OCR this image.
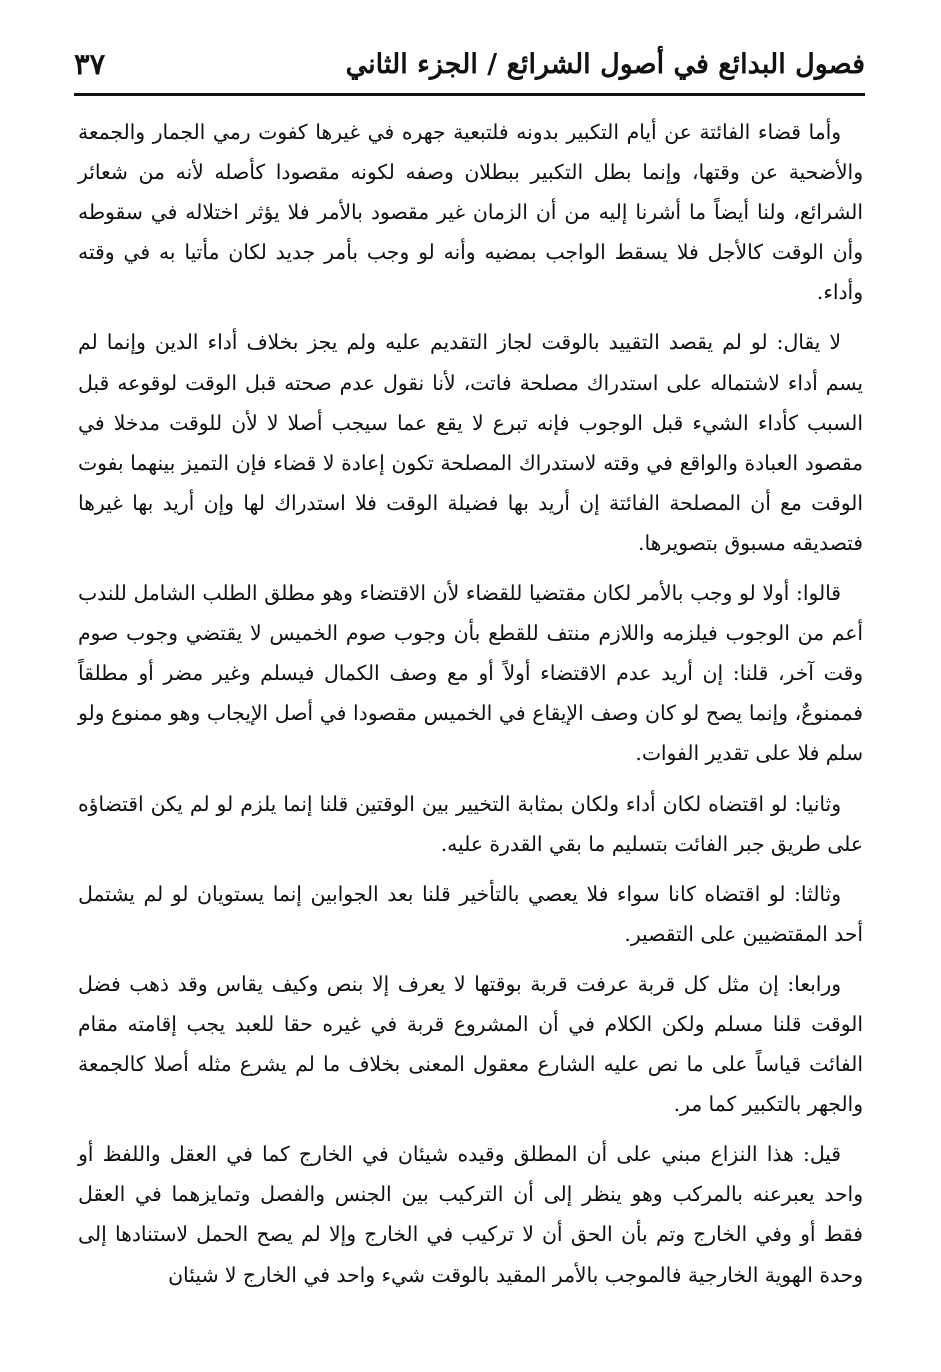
٣٧	فصول البدائع في أصول الشرائع / الجزء الثاني

وأما قضاء الفائتة عن أيام التكبير بدونه فلتبعية جهره في غيرها كفوت رمي الجمار والجمعة والأضحية عن وقتها، وإنما بطل التكبير ببطلان وصفه لكونه مقصودا كأصله لأنه من شعائر الشرائع، ولنا أيضاً ما أشرنا إليه من أن الزمان غير مقصود بالأمر فلا يؤثر اختلاله في سقوطه وأن الوقت كالأجل فلا يسقط الواجب بمضيه وأنه لو وجب بأمر جديد لكان مأتيا به في وقته وأداء.

لا يقال: لو لم يقصد التقييد بالوقت لجاز التقديم عليه ولم يجز بخلاف أداء الدين وإنما لم يسم أداء لاشتماله على استدراك مصلحة فاتت، لأنا نقول عدم صحته قبل الوقت لوقوعه قبل السبب كأداء الشيء قبل الوجوب فإنه تبرع لا يقع عما سيجب أصلا لا لأن للوقت مدخلا في مقصود العبادة والواقع في وقته لاستدراك المصلحة تكون إعادة لا قضاء فإن التميز بينهما بفوت الوقت مع أن المصلحة الفائتة إن أريد بها فضيلة الوقت فلا استدراك لها وإن أريد بها غيرها فتصديقه مسبوق بتصويرها.

قالوا: أولا لو وجب بالأمر لكان مقتضيا للقضاء لأن الاقتضاء وهو مطلق الطلب الشامل للندب أعم من الوجوب فيلزمه واللازم منتف للقطع بأن وجوب صوم الخميس لا يقتضي وجوب صوم وقت آخر، قلنا: إن أريد عدم الاقتضاء أولاً أو مع وصف الكمال فيسلم وغير مضر أو مطلقاً فممنوعٌ، وإنما يصح لو كان وصف الإيقاع في الخميس مقصودا في أصل الإيجاب وهو ممنوع ولو سلم فلا على تقدير الفوات.

وثانيا: لو اقتضاه لكان أداء ولكان بمثابة التخيير بين الوقتين قلنا إنما يلزم لو لم يكن اقتضاؤه على طريق جبر الفائت بتسليم ما بقي القدرة عليه.

وثالثا: لو اقتضاه كانا سواء فلا يعصي بالتأخير قلنا بعد الجوابين إنما يستويان لو لم يشتمل أحد المقتضيين على التقصير.

ورابعا: إن مثل كل قربة عرفت قربة بوقتها لا يعرف إلا بنص وكيف يقاس وقد ذهب فضل الوقت قلنا مسلم ولكن الكلام في أن المشروع قربة في غيره حقا للعبد يجب إقامته مقام الفائت قياساً على ما نص عليه الشارع معقول المعنى بخلاف ما لم يشرع مثله أصلا كالجمعة والجهر بالتكبير كما مر.

قيل: هذا النزاع مبني على أن المطلق وقيده شيئان في الخارج كما في العقل واللفظ أو واحد يعبرعنه بالمركب وهو ينظر إلى أن التركيب بين الجنس والفصل وتمايزهما في العقل فقط أو وفي الخارج وتم بأن الحق أن لا تركيب في الخارج وإلا لم يصح الحمل لاستنادها إلى وحدة الهوية الخارجية فالموجب بالأمر المقيد بالوقت شيء واحد في الخارج لا شيئان
